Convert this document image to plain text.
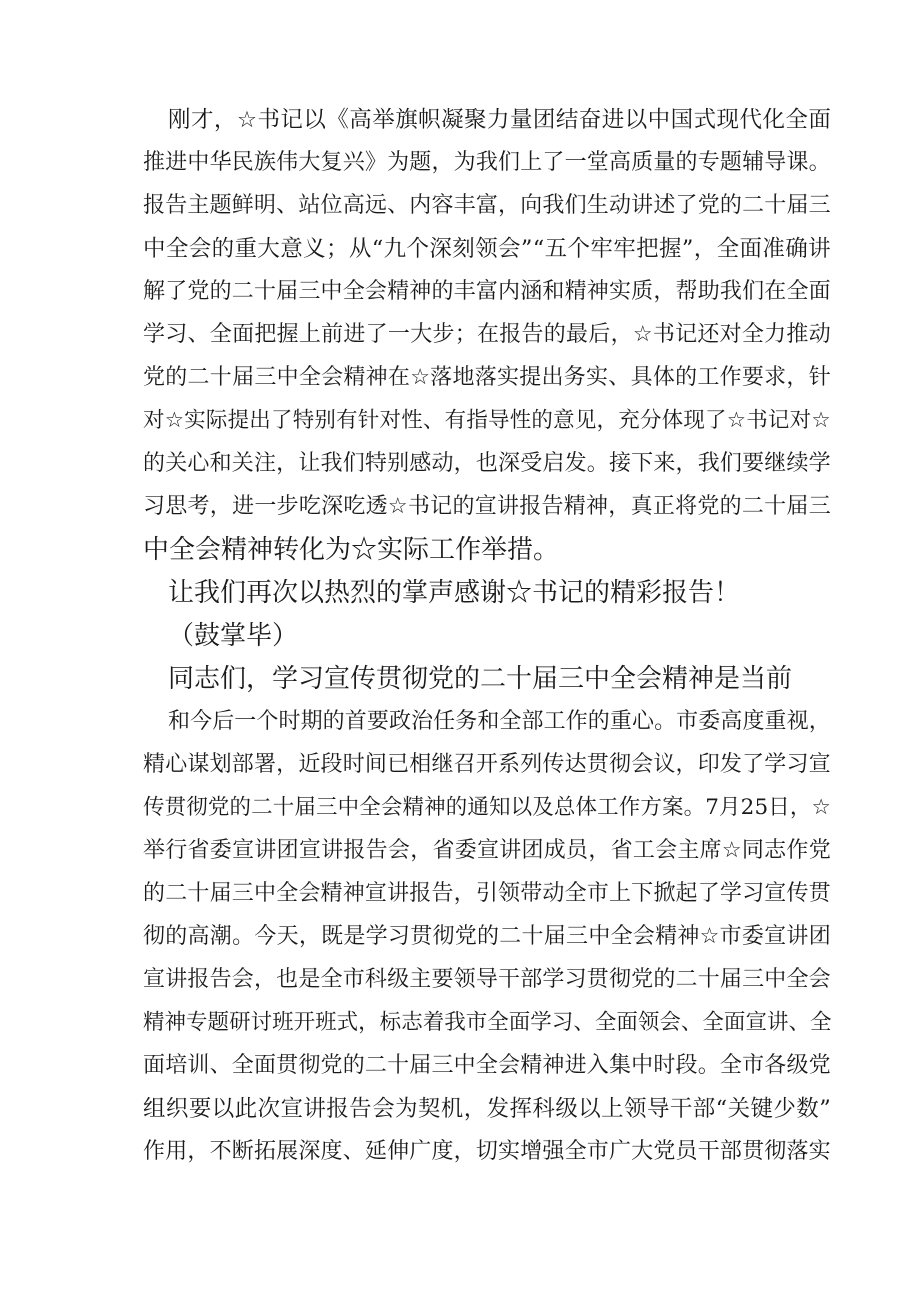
刚 才 ， ☆ 书 记 以 《 高 举 旗 帜 凝 聚 力 量 团 结 奋 进 以 中 国 式 现 代 化 全 面

推 进 中 华 民 族 伟 大 复 兴 》 为 题 ， 为 我 们 上 了 一 堂 高 质 量 的 专 题 辅 导 课 。

报 告 主 题 鲜 明 、 站 位 高 远 、 内 容 丰 富 ， 向 我 们 生 动 讲 述 了 党 的 二 十 届 三

中 全 会 的 重 大 意 义 ； 从 “ 九 个 深 刻 领 会 ” “ 五 个 牢 牢 把 握 ” ， 全 面 准 确 讲

解 了 党 的 二 十 届 三 中 全 会 精 神 的 丰 富 内 涵 和 精 神 实 质 ， 帮 助 我 们 在 全 面

学 习 、 全 面 把 握 上 前 进 了 一 大 步 ； 在 报 告 的 最 后 ， ☆ 书 记 还 对 全 力 推 动

党 的 二 十 届 三 中 全 会 精 神 在 ☆ 落 地 落 实 提 出 务 实 、 具 体 的 工 作 要 求 ， 针

对 ☆ 实 际 提 出 了 特 别 有 针 对 性 、 有 指 导 性 的 意 见 ， 充 分 体 现 了 ☆ 书 记 对 ☆

的 关 心 和 关 注 ， 让 我 们 特 别 感 动 ， 也 深 受 启 发 。 接 下 来 ， 我 们 要 继 续 学

习 思 考 ， 进 一 步 吃 深 吃 透 ☆ 书 记 的 宣 讲 报 告 精 神 ， 真 正 将 党 的 二 十 届 三

中全会精神转化为☆实际工作举措。

让我们再次以热烈的掌声感谢☆书记的精彩报告！

（鼓掌毕）

同志们，学习宣传贯彻党的二十届三中全会精神是当前

和 今 后 一 个 时 期 的 首 要 政 治 任 务 和 全 部 工 作 的 重 心 。 市 委 高 度 重 视 ，

精 心 谋 划 部 署 ， 近 段 时 间 已 相 继 召 开 系 列 传 达 贯 彻 会 议 ， 印 发 了 学 习 宣

传 贯 彻 党 的 二 十 届 三 中 全 会 精 神 的 通 知 以 及 总 体 工 作 方 案 。 7 月 2 5 日 ， ☆

举 行 省 委 宣 讲 团 宣 讲 报 告 会 ， 省 委 宣 讲 团 成 员 ， 省 工 会 主 席 ☆ 同 志 作 党

的 二 十 届 三 中 全 会 精 神 宣 讲 报 告 ， 引 领 带 动 全 市 上 下 掀 起 了 学 习 宣 传 贯

彻 的 高 潮 。 今 天 ， 既 是 学 习 贯 彻 党 的 二 十 届 三 中 全 会 精 神 ☆ 市 委 宣 讲 团

宣 讲 报 告 会 ， 也 是 全 市 科 级 主 要 领 导 干 部 学 习 贯 彻 党 的 二 十 届 三 中 全 会

精 神 专 题 研 讨 班 开 班 式 ， 标 志 着 我 市 全 面 学 习 、 全 面 领 会 、 全 面 宣 讲 、 全

面 培 训 、 全 面 贯 彻 党 的 二 十 届 三 中 全 会 精 神 进 入 集 中 时 段 。 全 市 各 级 党

组 织 要 以 此 次 宣 讲 报 告 会 为 契 机 ， 发 挥 科 级 以 上 领 导 干 部 “ 关 键 少 数 ”

作 用 ， 不 断 拓 展 深 度 、 延 伸 广 度 ， 切 实 增 强 全 市 广 大 党 员 干 部 贯 彻 落 实
